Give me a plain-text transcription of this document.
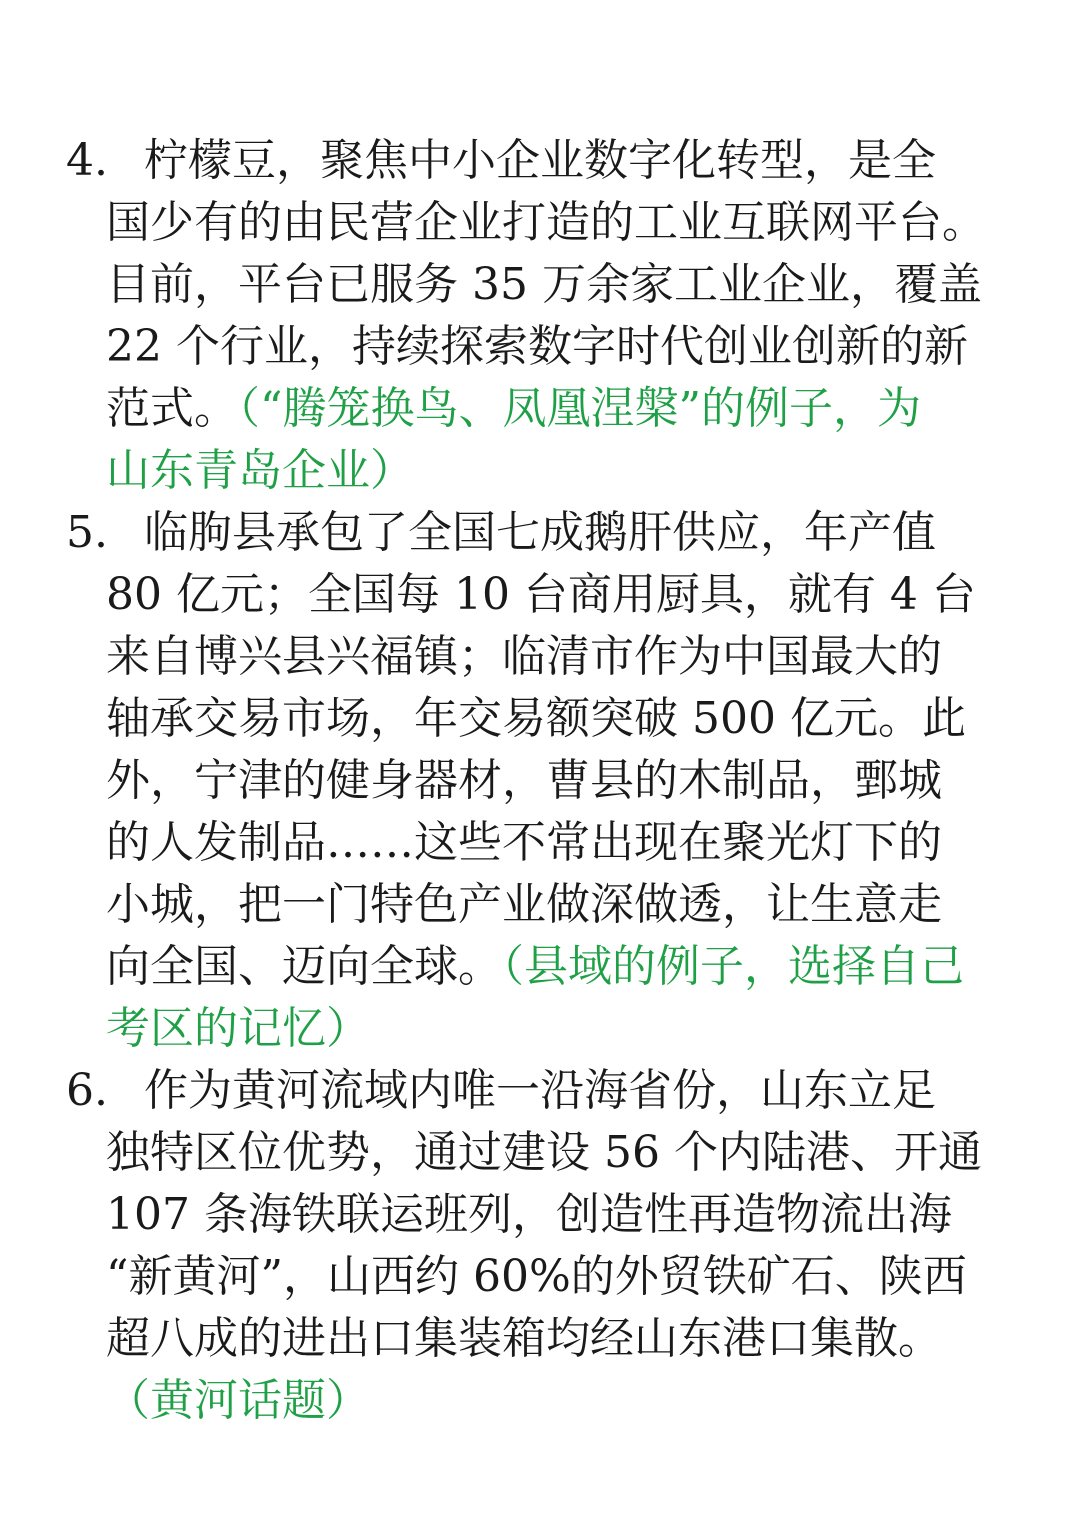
4. 柠檬豆，聚焦中小企业数字化转型，是全
国少有的由民营企业打造的工业互联网平台。
目前，平台已服务 35 万余家工业企业，覆盖
22 个行业，持续探索数字时代创业创新的新
范式。（“腾笼换鸟、凤凰涅槃”的例子，为
山东青岛企业）
5. 临朐县承包了全国七成鹅肝供应，年产值
80 亿元；全国每 10 台商用厨具，就有 4 台
来自博兴县兴福镇；临清市作为中国最大的
轴承交易市场，年交易额突破 500 亿元。此
外，宁津的健身器材，曹县的木制品，鄄城
的人发制品……这些不常出现在聚光灯下的
小城，把一门特色产业做深做透，让生意走
向全国、迈向全球。（县域的例子，选择自己
考区的记忆）
6. 作为黄河流域内唯一沿海省份，山东立足
独特区位优势，通过建设 56 个内陆港、开通
107 条海铁联运班列，创造性再造物流出海
“新黄河”，山西约 60%的外贸铁矿石、陕西
超八成的进出口集装箱均经山东港口集散。
（黄河话题）
